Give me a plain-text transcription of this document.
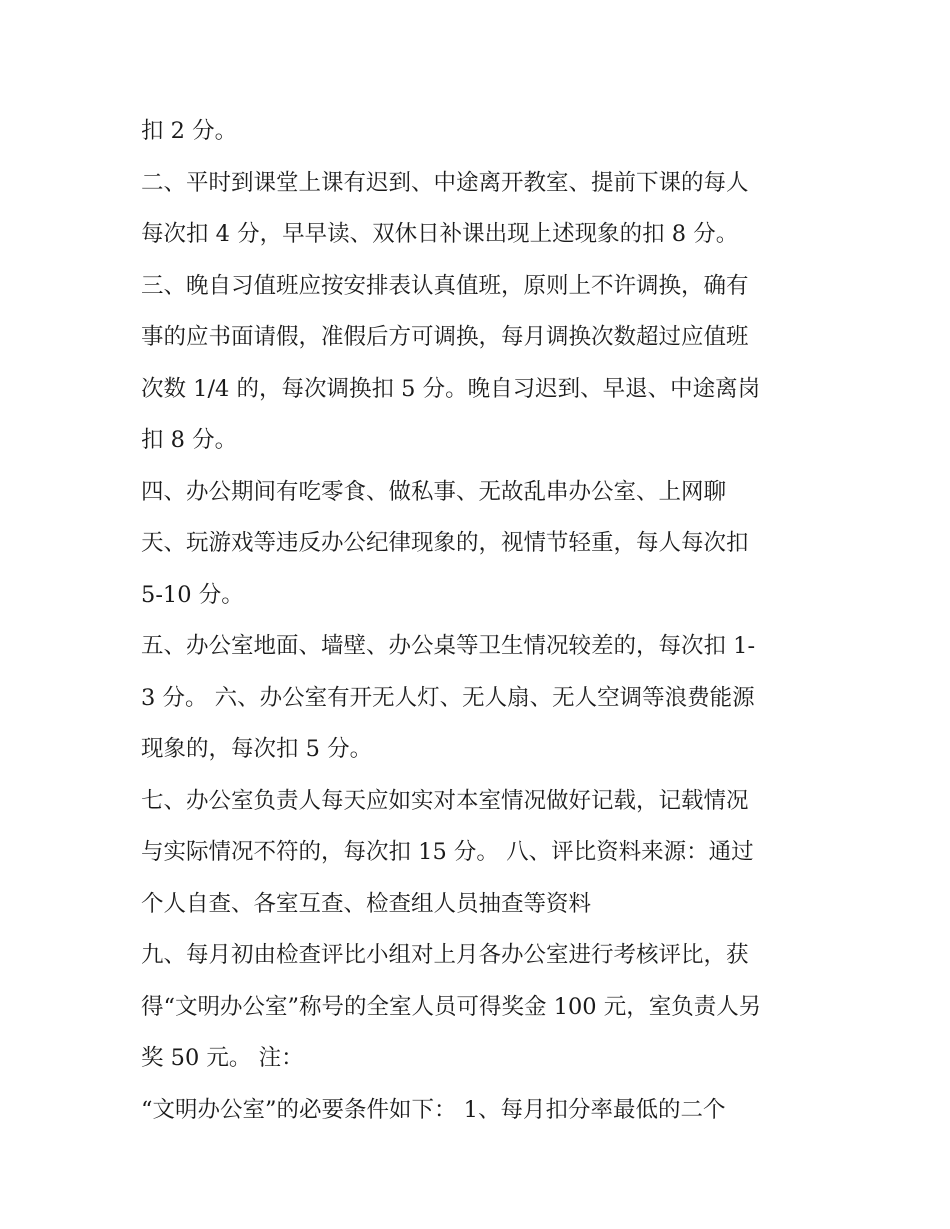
扣 2 分。
二、平时到课堂上课有迟到、中途离开教室、提前下课的每人
每次扣 4 分，早早读、双休日补课出现上述现象的扣 8 分。
三、晚自习值班应按安排表认真值班，原则上不许调换，确有
事的应书面请假，准假后方可调换，每月调换次数超过应值班
次数 1/4 的，每次调换扣 5 分。晚自习迟到、早退、中途离岗
扣 8 分。
四、办公期间有吃零食、做私事、无故乱串办公室、上网聊
天、玩游戏等违反办公纪律现象的，视情节轻重，每人每次扣
5-10 分。
五、办公室地面、墙壁、办公桌等卫生情况较差的，每次扣 1-
3 分。 六、办公室有开无人灯、无人扇、无人空调等浪费能源
现象的，每次扣 5 分。
七、办公室负责人每天应如实对本室情况做好记载，记载情况
与实际情况不符的，每次扣 15 分。 八、评比资料来源：通过
个人自查、各室互查、检查组人员抽查等资料
九、每月初由检查评比小组对上月各办公室进行考核评比，获
得“文明办公室”称号的全室人员可得奖金 100 元，室负责人另
奖 50 元。 注：
“文明办公室”的必要条件如下： 1、每月扣分率最低的二个
